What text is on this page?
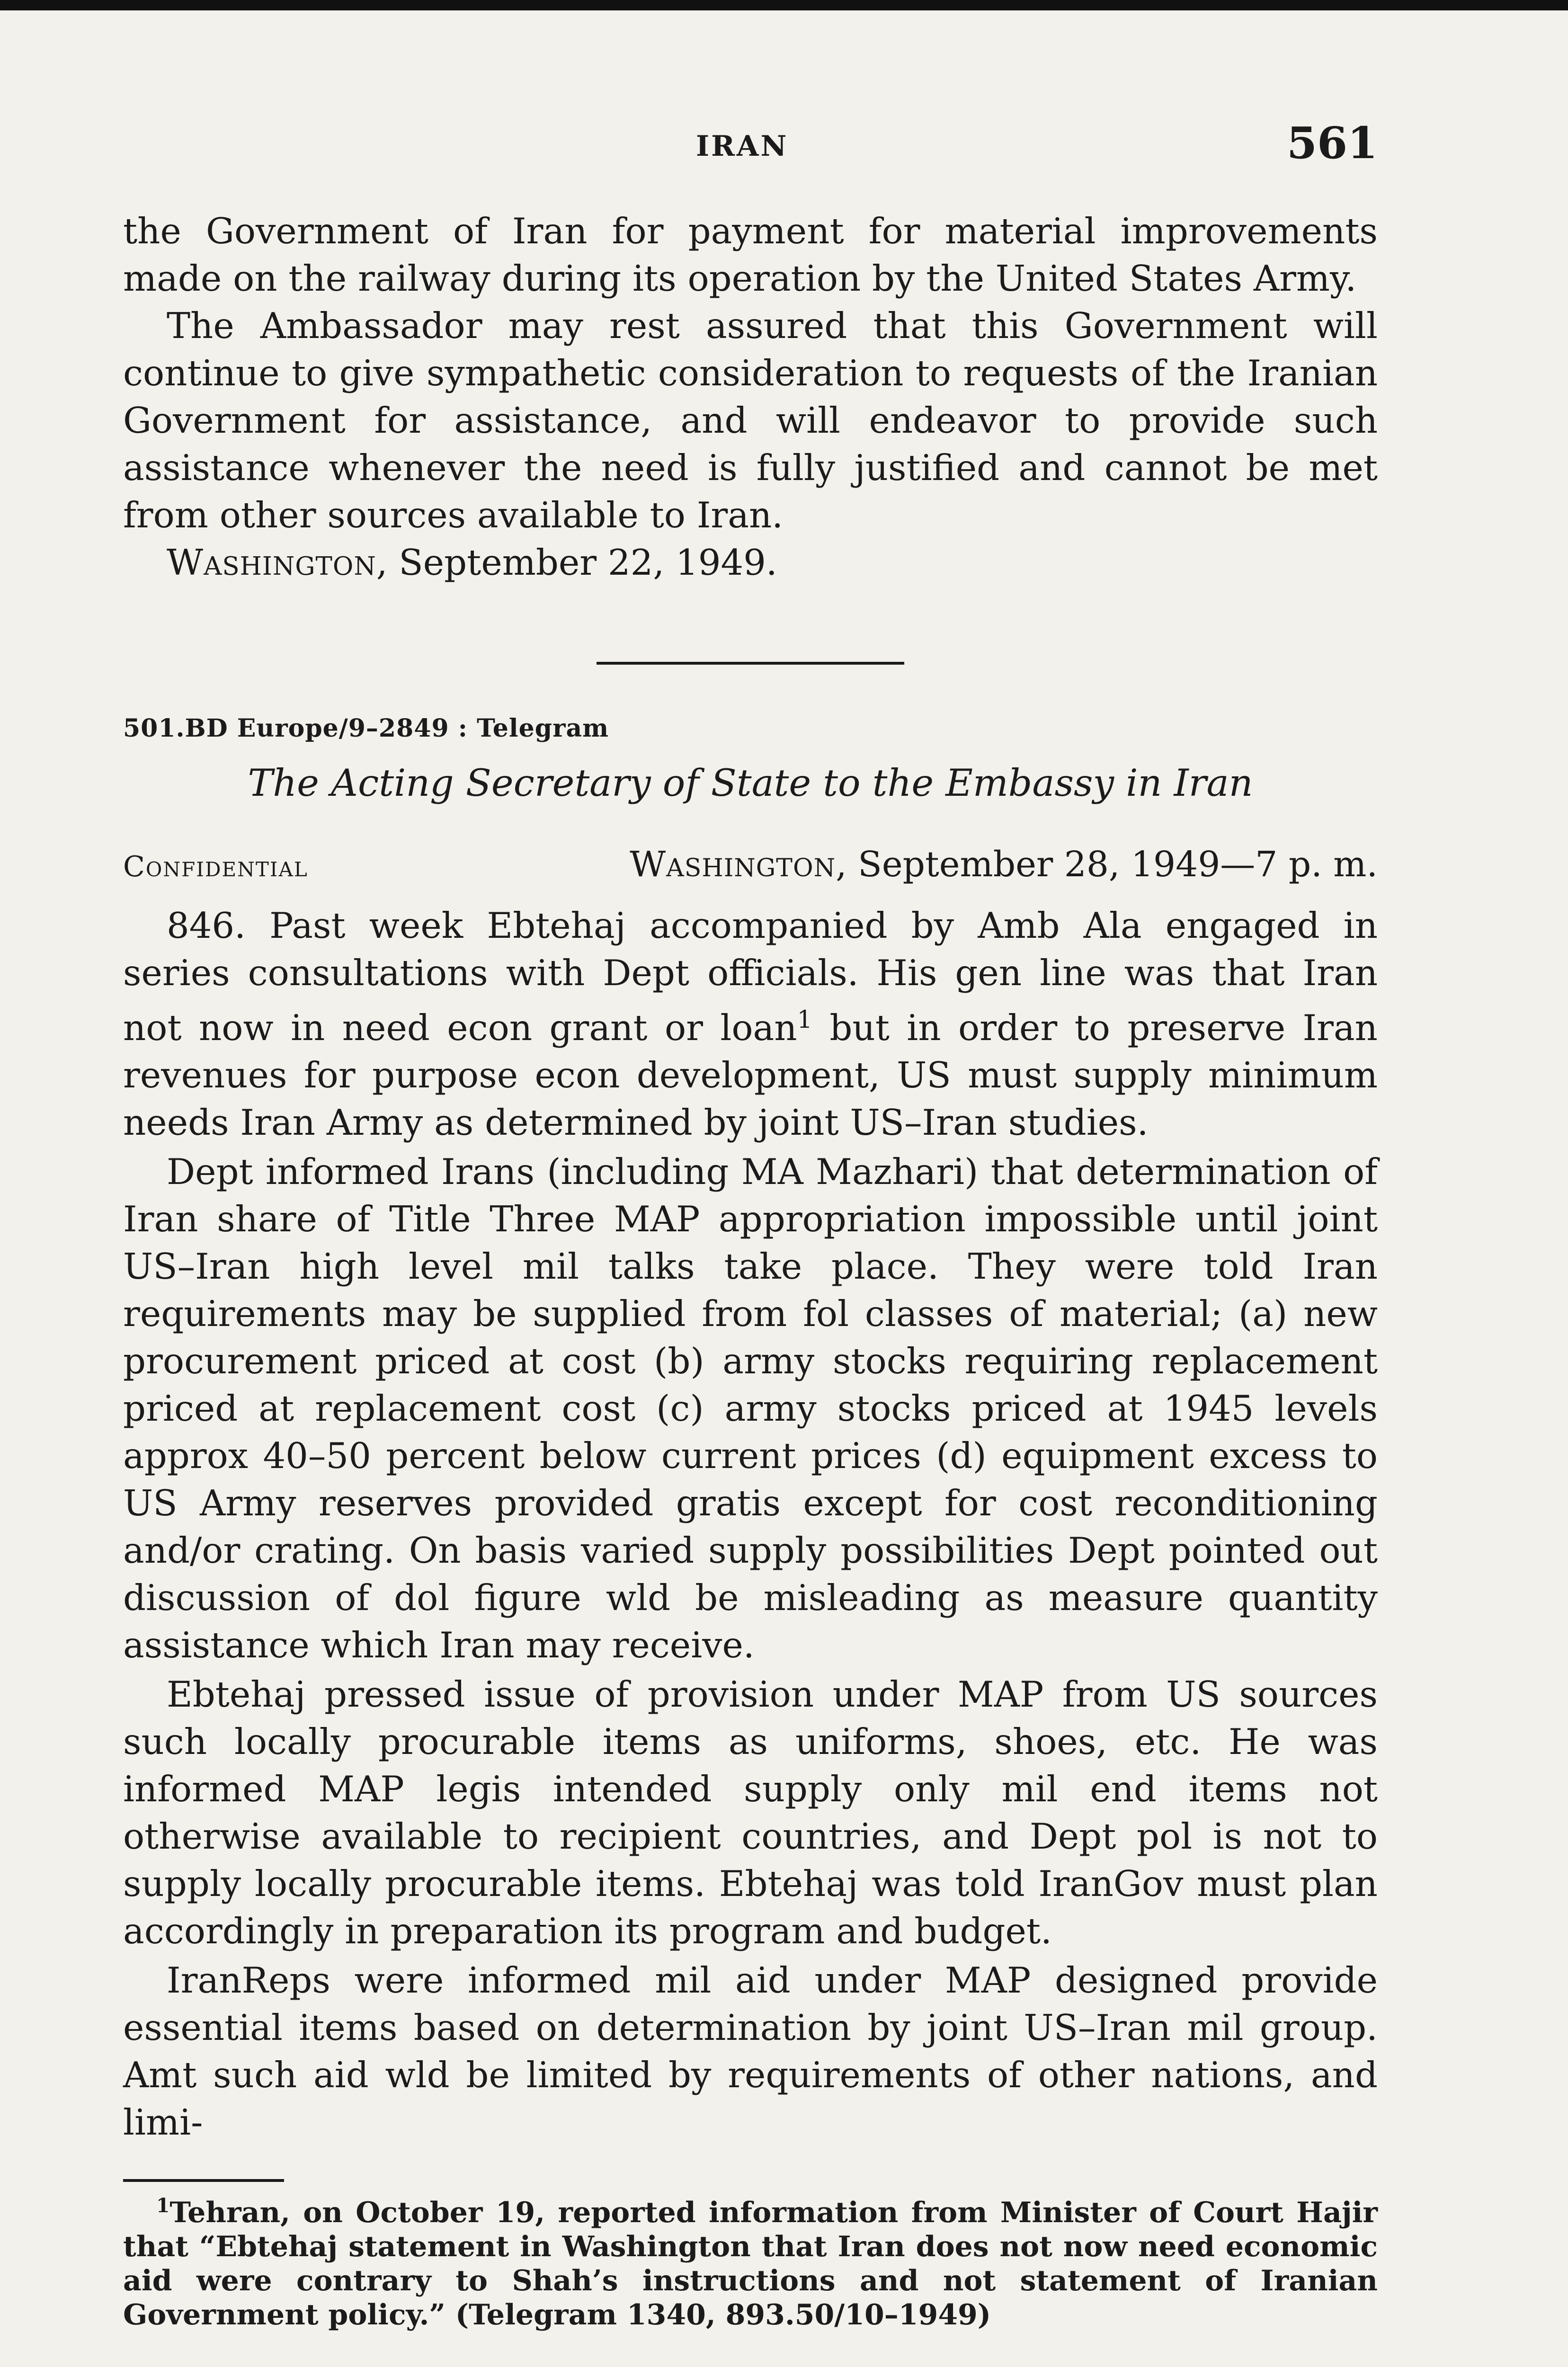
IRAN	561

the Government of Iran for payment for material improvements made on the railway during its operation by the United States Army.

The Ambassador may rest assured that this Government will continue to give sympathetic consideration to requests of the Iranian Government for assistance, and will endeavor to provide such assistance whenever the need is fully justified and cannot be met from other sources available to Iran.

Washington, September 22, 1949.

501.BD Europe/9–2849 : Telegram

The Acting Secretary of State to the Embassy in Iran

Confidential	Washington, September 28, 1949—7 p. m.

846. Past week Ebtehaj accompanied by Amb Ala engaged in series consultations with Dept officials. His gen line was that Iran not now in need econ grant or loan$^1$ but in order to preserve Iran revenues for purpose econ development, US must supply minimum needs Iran Army as determined by joint US–Iran studies.

Dept informed Irans (including MA Mazhari) that determination of Iran share of Title Three MAP appropriation impossible until joint US–Iran high level mil talks take place. They were told Iran requirements may be supplied from fol classes of material; (a) new procurement priced at cost (b) army stocks requiring replacement priced at replacement cost (c) army stocks priced at 1945 levels approx 40–50 percent below current prices (d) equipment excess to US Army reserves provided gratis except for cost reconditioning and/or crating. On basis varied supply possibilities Dept pointed out discussion of dol figure wld be misleading as measure quantity assistance which Iran may receive.

Ebtehaj pressed issue of provision under MAP from US sources such locally procurable items as uniforms, shoes, etc. He was informed MAP legis intended supply only mil end items not otherwise available to recipient countries, and Dept pol is not to supply locally procurable items. Ebtehaj was told IranGov must plan accordingly in preparation its program and budget.

IranReps were informed mil aid under MAP designed provide essential items based on determination by joint US–Iran mil group. Amt such aid wld be limited by requirements of other nations, and limi-

$^1$Tehran, on October 19, reported information from Minister of Court Hajir that “Ebtehaj statement in Washington that Iran does not now need economic aid were contrary to Shah’s instructions and not statement of Iranian Government policy.” (Telegram 1340, 893.50/10–1949)
